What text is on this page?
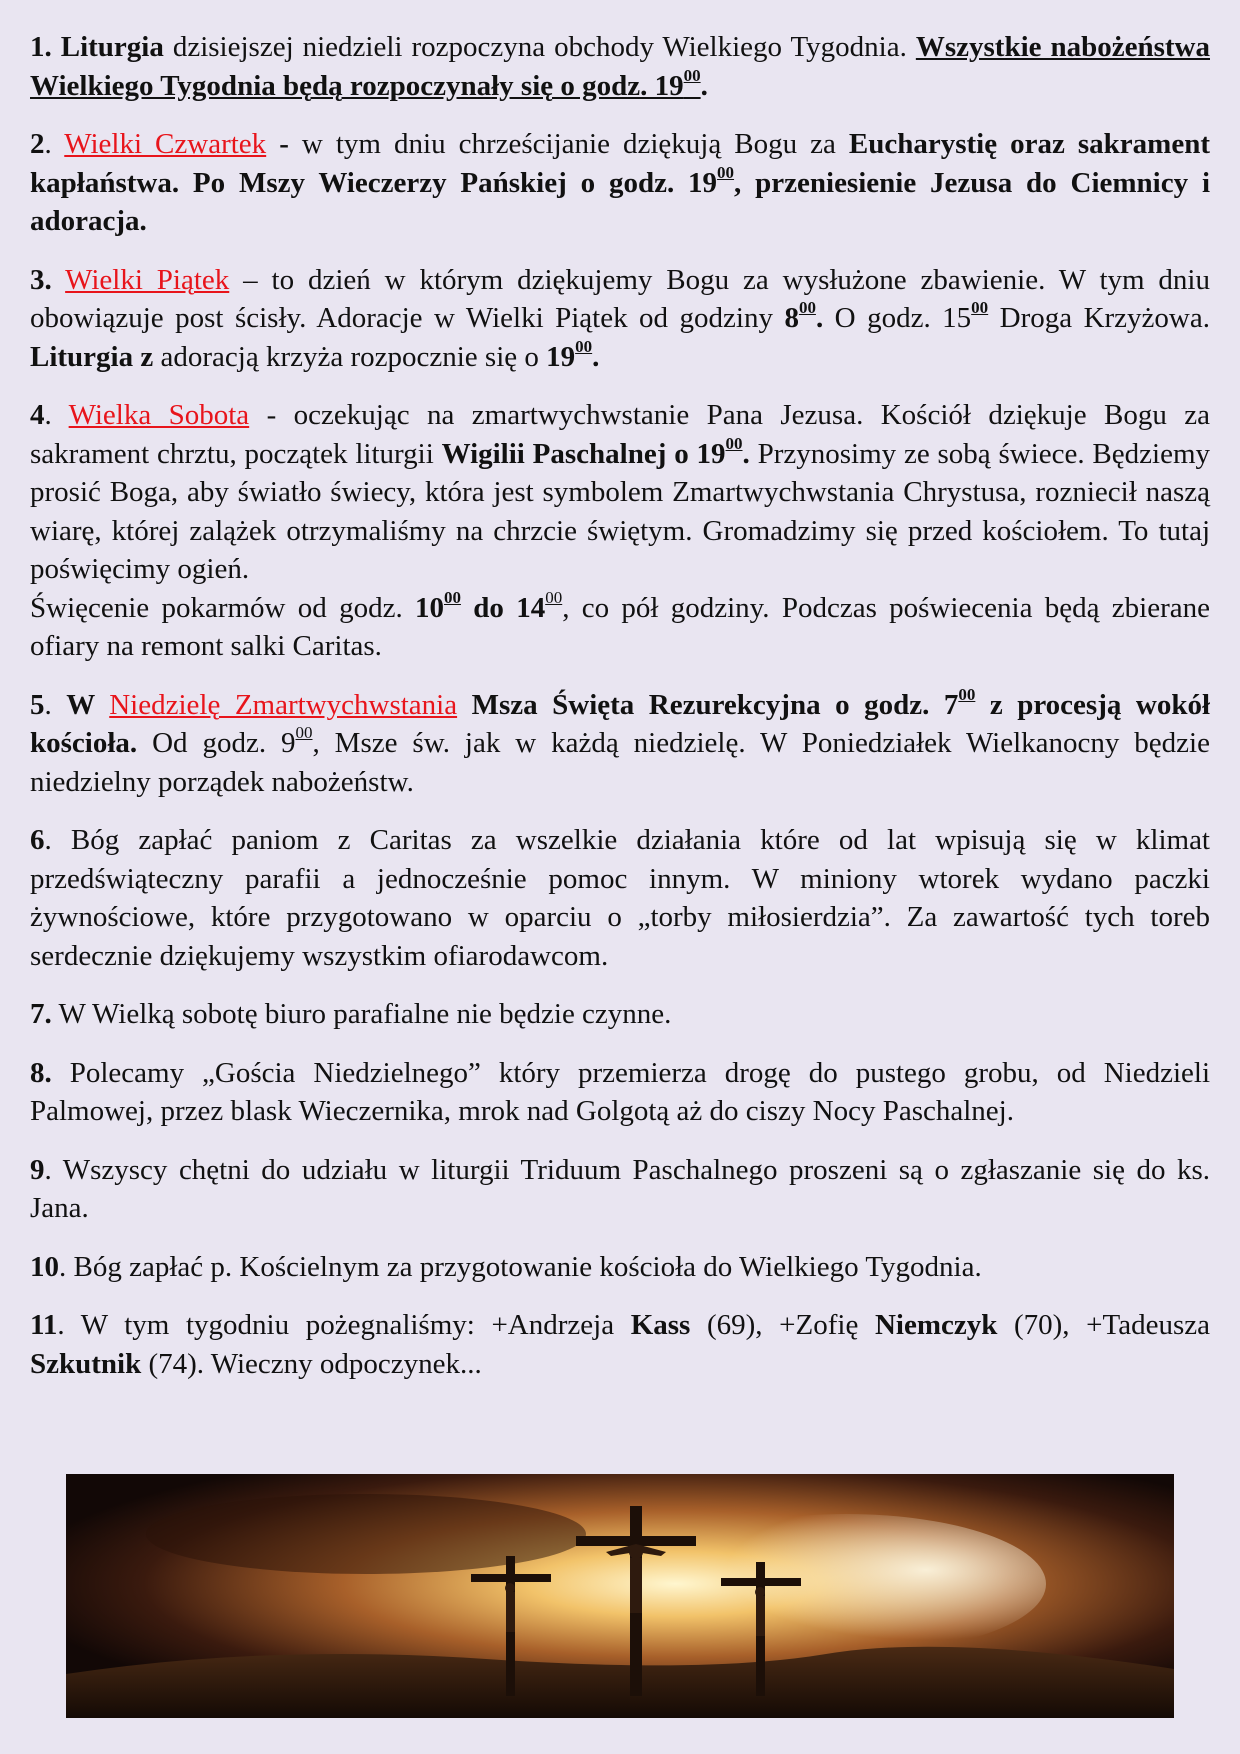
1. Liturgia dzisiejszej niedzieli rozpoczyna obchody Wielkiego Tygodnia. Wszystkie nabożeństwa Wielkiego Tygodnia będą rozpoczynały się o godz. $19^{00}$.
2. Wielki Czwartek - w tym dniu chrześcijanie dziękują Bogu za Eucharystię oraz sakrament kapłaństwa. Po Mszy Wieczerzy Pańskiej o godz. $19^{00}$, przeniesienie Jezusa do Ciemnicy i adoracja.
3. Wielki Piątek – to dzień w którym dziękujemy Bogu za wysłużone zbawienie. W tym dniu obowiązuje post ścisły. Adoracje w Wielki Piątek od godziny $8^{00}$. O godz. $15^{00}$ Droga Krzyżowa. Liturgia z adoracją krzyża rozpocznie się o $19^{00}$.
4. Wielka Sobota - oczekując na zmartwychwstanie Pana Jezusa. Kościół dziękuje Bogu za sakrament chrztu, początek liturgii Wigilii Paschalnej o $19^{00}$. Przynosimy ze sobą świece. Będziemy prosić Boga, aby światło świecy, która jest symbolem Zmartwychwstania Chrystusa, rozniecił naszą wiarę, której zalążek otrzymaliśmy na chrzcie świętym. Gromadzimy się przed kościołem. To tutaj poświęcimy ogień.
Święcenie pokarmów od godz. $10^{00}$ do $14^{00}$, co pół godziny. Podczas poświecenia będą zbierane ofiary na remont salki Caritas.
5. W Niedzielę Zmartwychwstania Msza Święta Rezurekcyjna o godz. $7^{00}$ z procesją wokół kościoła. Od godz. $9^{00}$, Msze św. jak w każdą niedzielę. W Poniedziałek Wielkanocny będzie niedzielny porządek nabożeństw.
6. Bóg zapłać paniom z Caritas za wszelkie działania które od lat wpisują się w klimat przedświąteczny parafii a jednocześnie pomoc innym. W miniony wtorek wydano paczki żywnościowe, które przygotowano w oparciu o „torby miłosierdzia”. Za zawartość tych toreb serdecznie dziękujemy wszystkim ofiarodawcom.
7. W Wielką sobotę biuro parafialne nie będzie czynne.
8. Polecamy „Gościa Niedzielnego” który przemierza drogę do pustego grobu, od Niedzieli Palmowej, przez blask Wieczernika, mrok nad Golgotą aż do ciszy Nocy Paschalnej.
9. Wszyscy chętni do udziału w liturgii Triduum Paschalnego proszeni są o zgłaszanie się do ks. Jana.
10. Bóg zapłać p. Kościelnym za przygotowanie kościoła do Wielkiego Tygodnia.
11. W tym tygodniu pożegnaliśmy: +Andrzeja Kass (69), +Zofię Niemczyk (70), +Tadeusza Szkutnik (74). Wieczny odpoczynek...
